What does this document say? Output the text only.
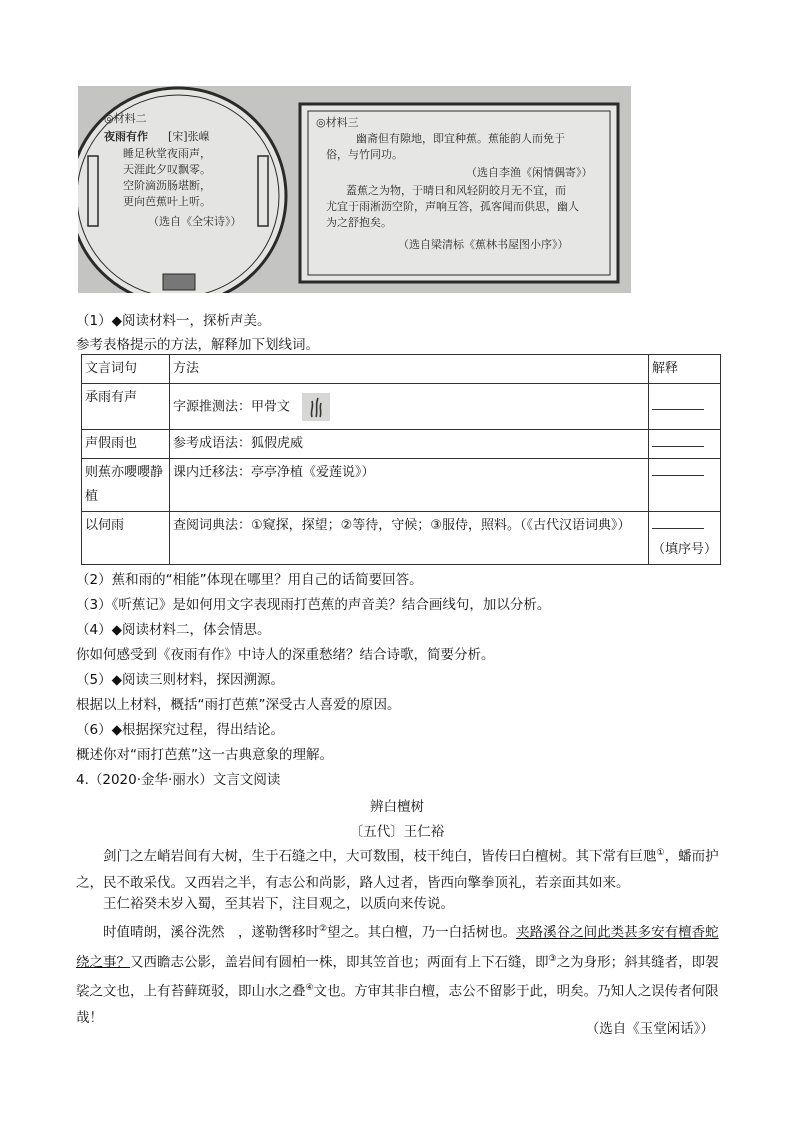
◎材料二
夜雨有作 [宋]张嵲
睡足秋堂夜雨声，
天涯此夕叹飘零。
空阶滴沥肠堪断，
更向芭蕉叶上听。
（选自《全宋诗》）
◎材料三
幽斋但有隙地，即宜种蕉。蕉能韵人而免于
俗，与竹同功。
（选自李渔《闲情偶寄》）
蓋蕉之为物，于晴日和风轻阴皎月无不宜，而
尤宜于雨淅沥空阶，声响互答，孤客闻而供思，幽人
为之舒抱矣。
（选自梁清标《蕉林书屋图小序》）
（1）◆阅读材料一，探析声美。
参考表格提示的方法，解释加下划线词。
文言词句	方法	解释
承雨有声	字源推测法：甲骨文	
声假雨也	参考成语法：狐假虎威	
则蕉亦嚶嚶静植	课内迁移法：亭亭净植《爱莲说》）	
以伺雨	查阅词典法：①窥探，探望；②等待，守候；③服侍，照料。（《古代汉语词典》）	（填序号）
（2）蕉和雨的“相能”体现在哪里？用自己的话简要回答。
（3）《听蕉记》是如何用文字表现雨打芭蕉的声音美？结合画线句，加以分析。
（4）◆阅读材料二，体会情思。
你如何感受到《夜雨有作》中诗人的深重愁绪？结合诗歌，简要分析。
（5）◆阅读三则材料，探因溯源。
根据以上材料，概括“雨打芭蕉”深受古人喜爱的原因。
（6）◆根据探究过程，得出结论。
概述你对“雨打芭蕉”这一古典意象的理解。
4.（2020·金华·丽水）文言文阅读
辨白檀树
〔五代〕王仁裕
剑门之左峭岩间有大树，生于石缝之中，大可数围，枝干纯白，皆传曰白檀树。其下常有巨虺①，蟠而护之，民不敢采伐。又西岩之半，有志公和尚影，路人过者，皆西向擎拳顶礼，若亲面其如来。
王仁裕癸未岁入蜀，至其岩下，注目观之，以质向来传说。
时值晴朗，溪谷洗然　，遂勒辔移时②望之。其白檀，乃一白括树也。夹路溪谷之间此类甚多安有檀香蛇绕之事？又西瞻志公影，盖岩间有圆柏一株，即其笠首也；两面有上下石缝，即③之为身形；斜其缝者，即袈裟之文也，上有苔藓斑驳，即山水之叠④文也。方审其非白檀，志公不留影于此，明矣。乃知人之误传者何限哉！
（选自《玉堂闲话》）
